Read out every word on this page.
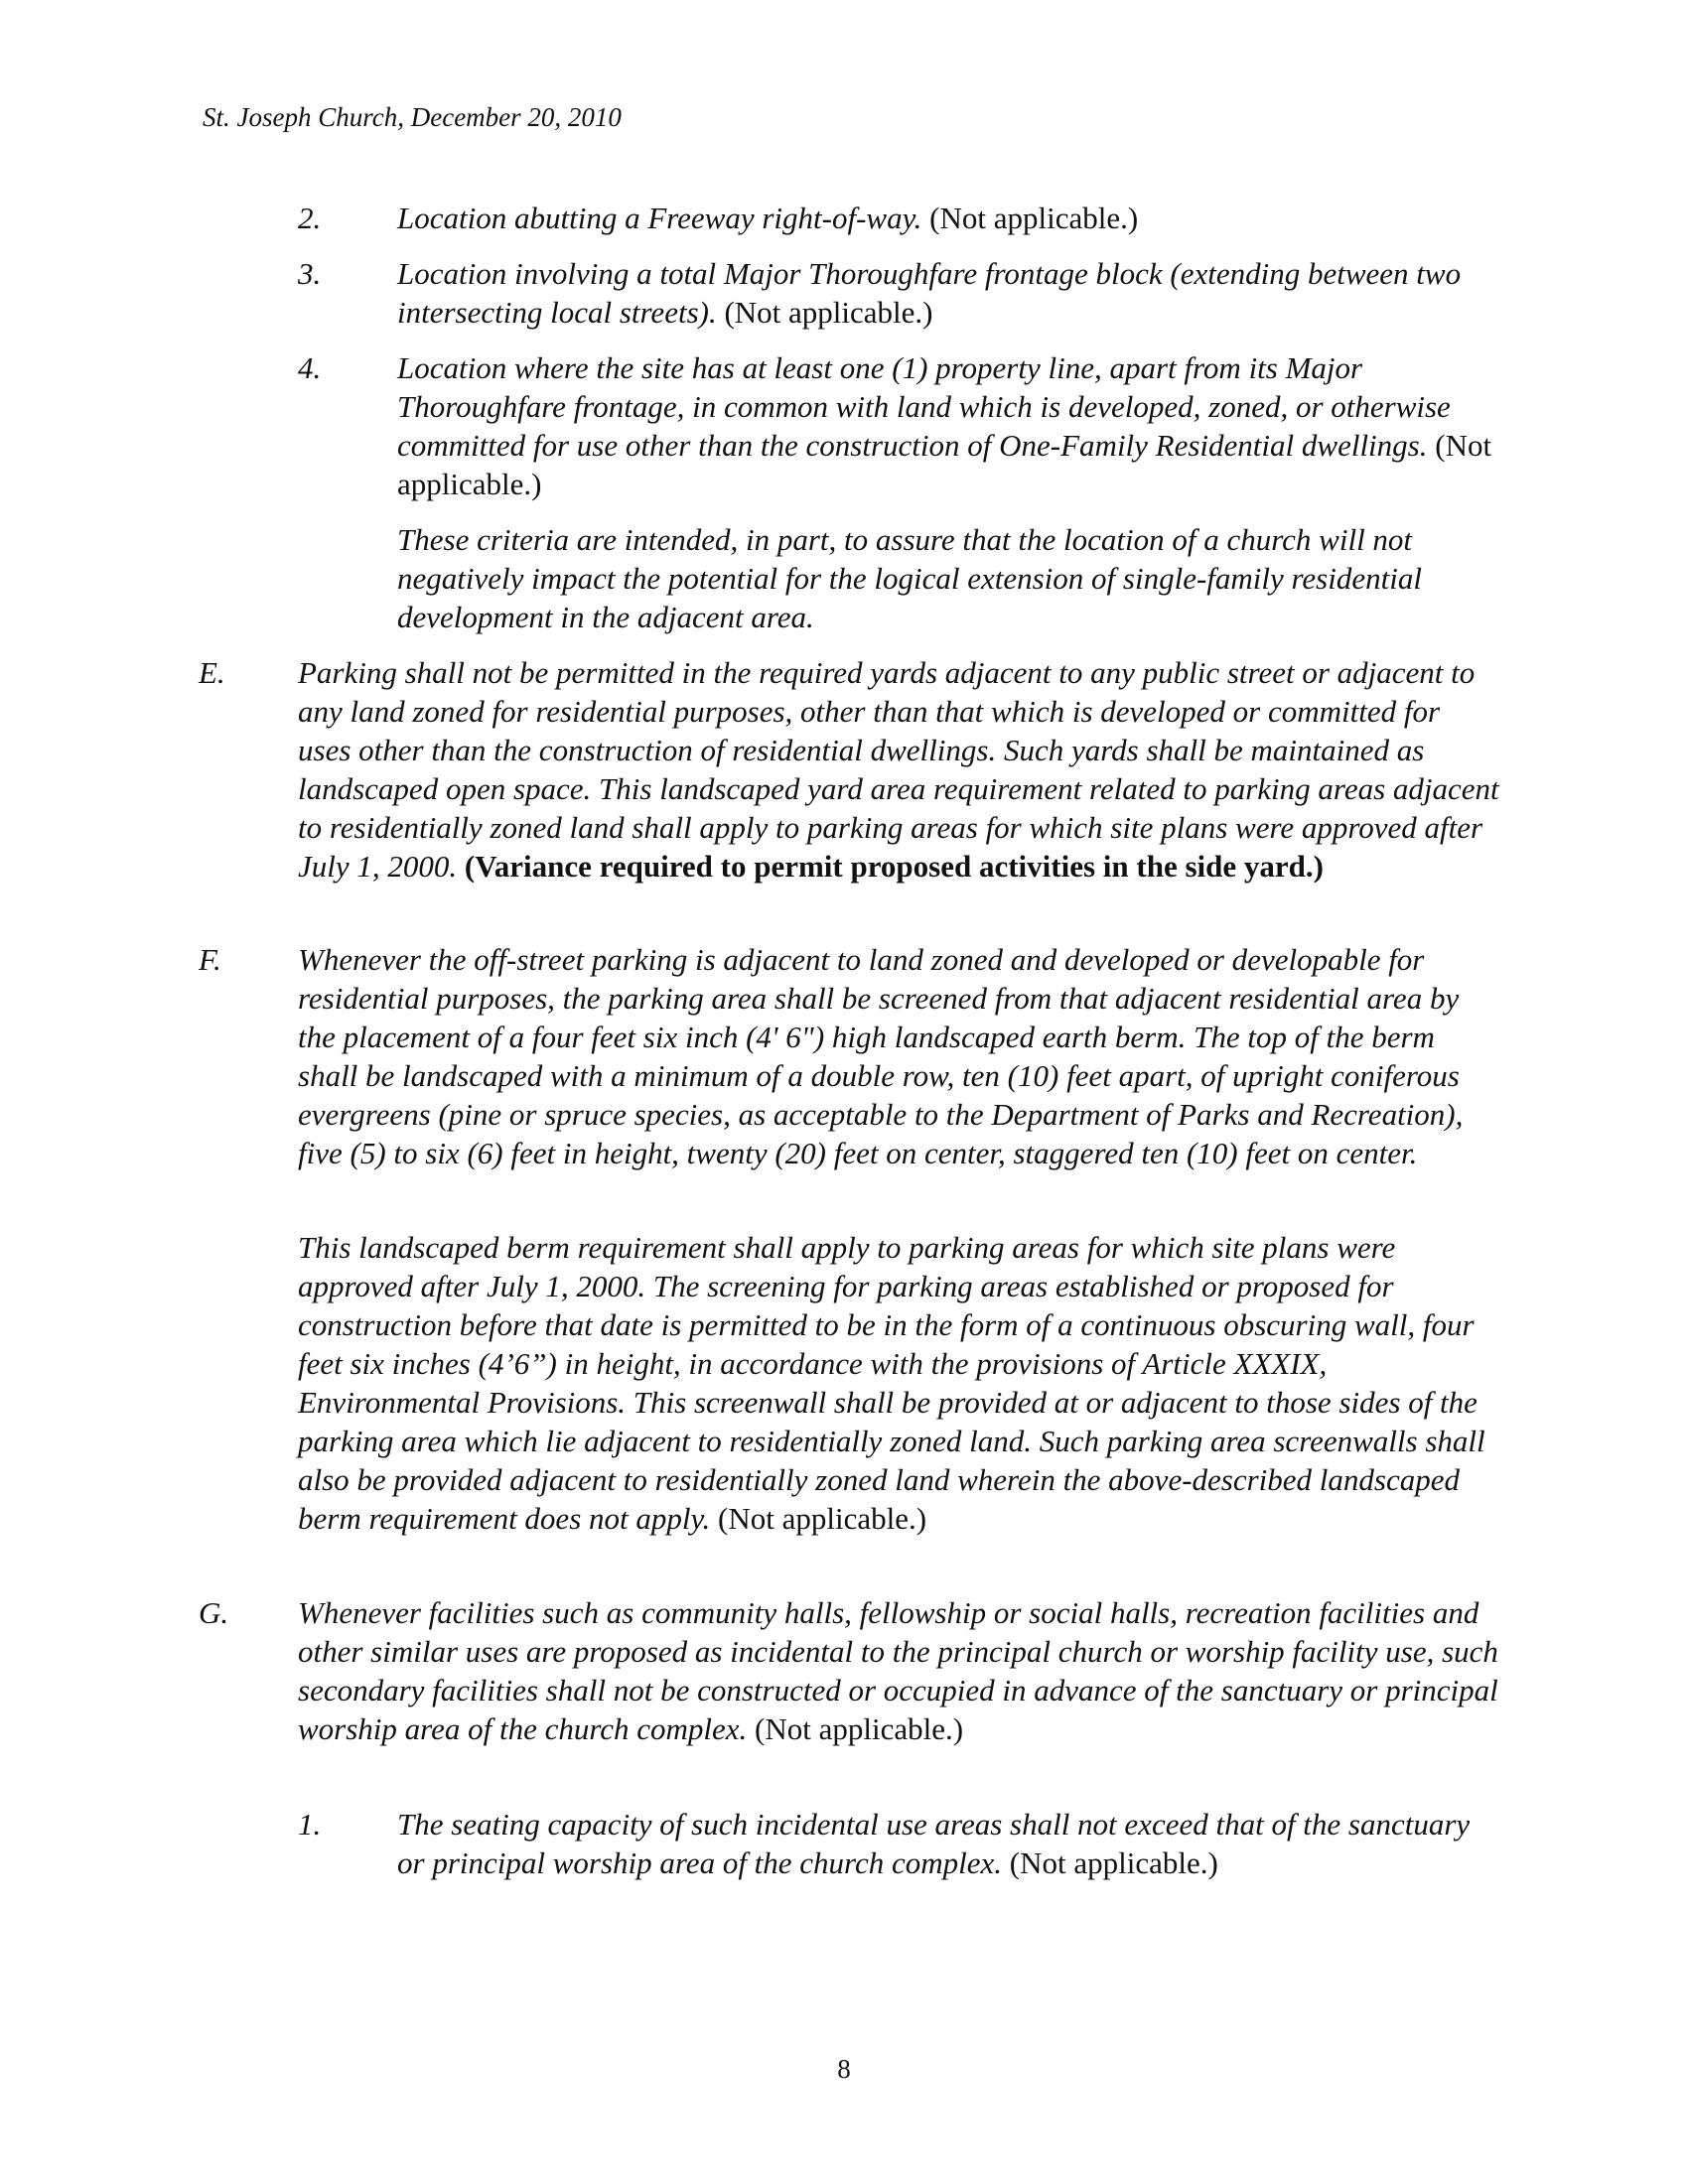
St. Joseph Church, December 20, 2010
2. Location abutting a Freeway right-of-way. (Not applicable.)
3. Location involving a total Major Thoroughfare frontage block (extending between two intersecting local streets). (Not applicable.)
4. Location where the site has at least one (1) property line, apart from its Major Thoroughfare frontage, in common with land which is developed, zoned, or otherwise committed for use other than the construction of One-Family Residential dwellings. (Not applicable.)
These criteria are intended, in part, to assure that the location of a church will not negatively impact the potential for the logical extension of single-family residential development in the adjacent area.
E. Parking shall not be permitted in the required yards adjacent to any public street or adjacent to any land zoned for residential purposes, other than that which is developed or committed for uses other than the construction of residential dwellings. Such yards shall be maintained as landscaped open space. This landscaped yard area requirement related to parking areas adjacent to residentially zoned land shall apply to parking areas for which site plans were approved after July 1, 2000. (Variance required to permit proposed activities in the side yard.)
F. Whenever the off-street parking is adjacent to land zoned and developed or developable for residential purposes, the parking area shall be screened from that adjacent residential area by the placement of a four feet six inch (4' 6") high landscaped earth berm. The top of the berm shall be landscaped with a minimum of a double row, ten (10) feet apart, of upright coniferous evergreens (pine or spruce species, as acceptable to the Department of Parks and Recreation), five (5) to six (6) feet in height, twenty (20) feet on center, staggered ten (10) feet on center.
This landscaped berm requirement shall apply to parking areas for which site plans were approved after July 1, 2000. The screening for parking areas established or proposed for construction before that date is permitted to be in the form of a continuous obscuring wall, four feet six inches (4’6”) in height, in accordance with the provisions of Article XXXIX, Environmental Provisions. This screenwall shall be provided at or adjacent to those sides of the parking area which lie adjacent to residentially zoned land. Such parking area screenwalls shall also be provided adjacent to residentially zoned land wherein the above-described landscaped berm requirement does not apply. (Not applicable.)
G. Whenever facilities such as community halls, fellowship or social halls, recreation facilities and other similar uses are proposed as incidental to the principal church or worship facility use, such secondary facilities shall not be constructed or occupied in advance of the sanctuary or principal worship area of the church complex. (Not applicable.)
1. The seating capacity of such incidental use areas shall not exceed that of the sanctuary or principal worship area of the church complex. (Not applicable.)
8
